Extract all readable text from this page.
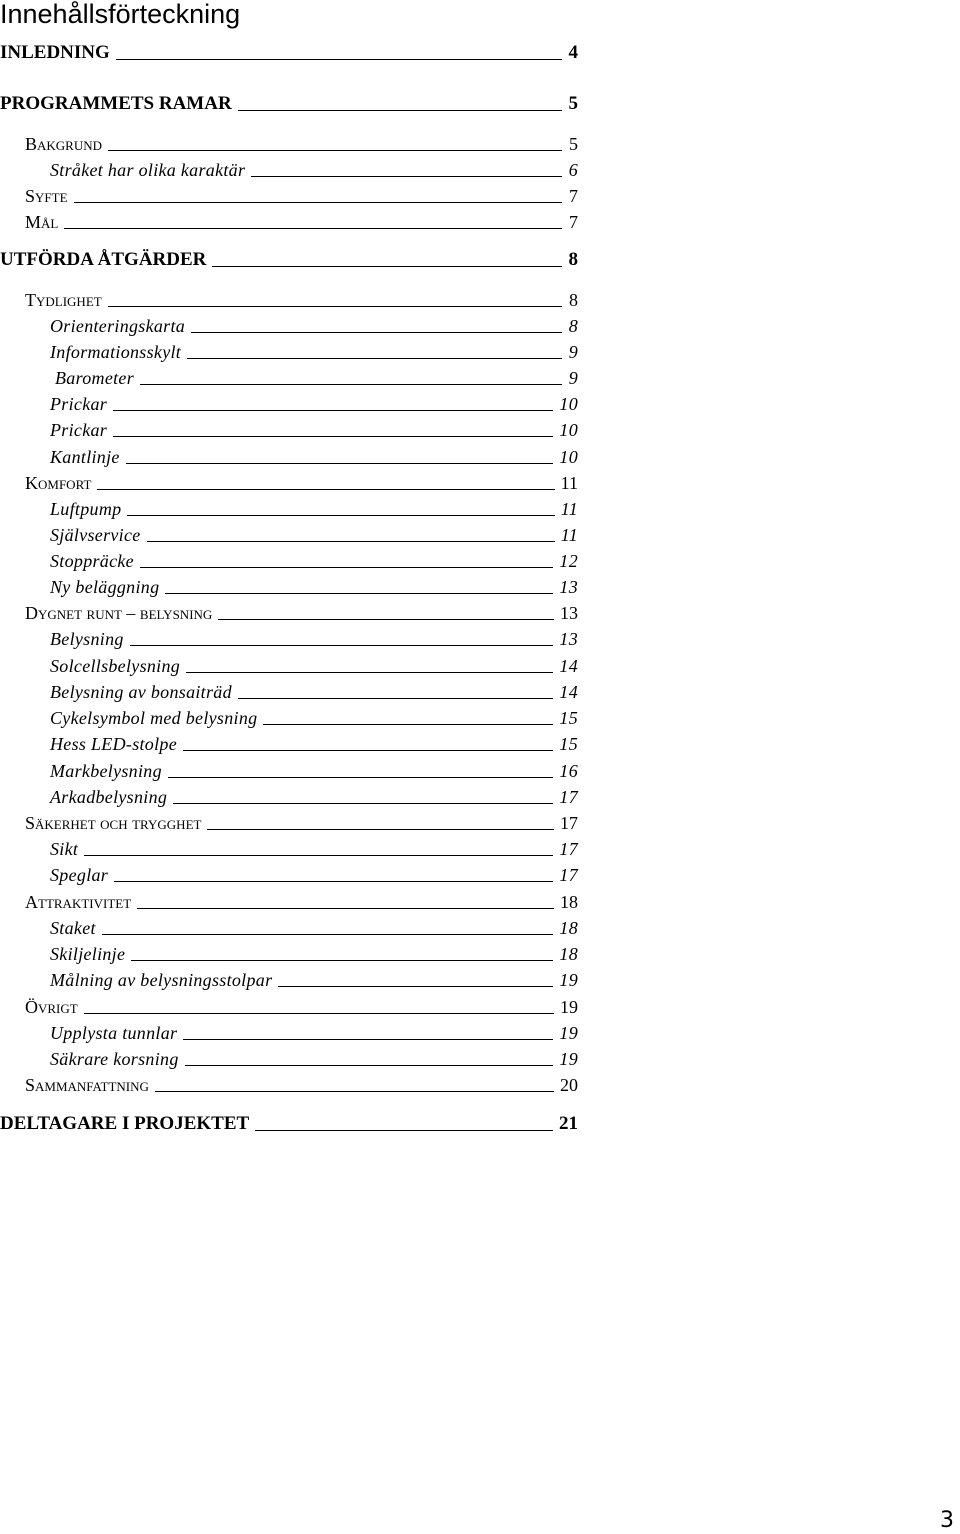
Innehållsförteckning
INLEDNING	4
PROGRAMMETS RAMAR	5
Bakgrund	5
Stråket har olika karaktär	6
Syfte	7
Mål	7
UTFÖRDA ÅTGÄRDER	8
Tydlighet	8
Orienteringskarta	8
Informationsskylt	9
Barometer	9
Prickar	10
Prickar	10
Kantlinje	10
Komfort	11
Luftpump	11
Självservice	11
Stoppräcke	12
Ny beläggning	13
Dygnet runt – belysning	13
Belysning	13
Solcellsbelysning	14
Belysning av bonsaiträd	14
Cykelsymbol med belysning	15
Hess LED-stolpe	15
Markbelysning	16
Arkadbelysning	17
Säkerhet och trygghet	17
Sikt	17
Speglar	17
Attraktivitet	18
Staket	18
Skiljelinje	18
Målning av belysningsstolpar	19
Övrigt	19
Upplysta tunnlar	19
Säkrare korsning	19
Sammanfattning	20
DELTAGARE I PROJEKTET	21
3
